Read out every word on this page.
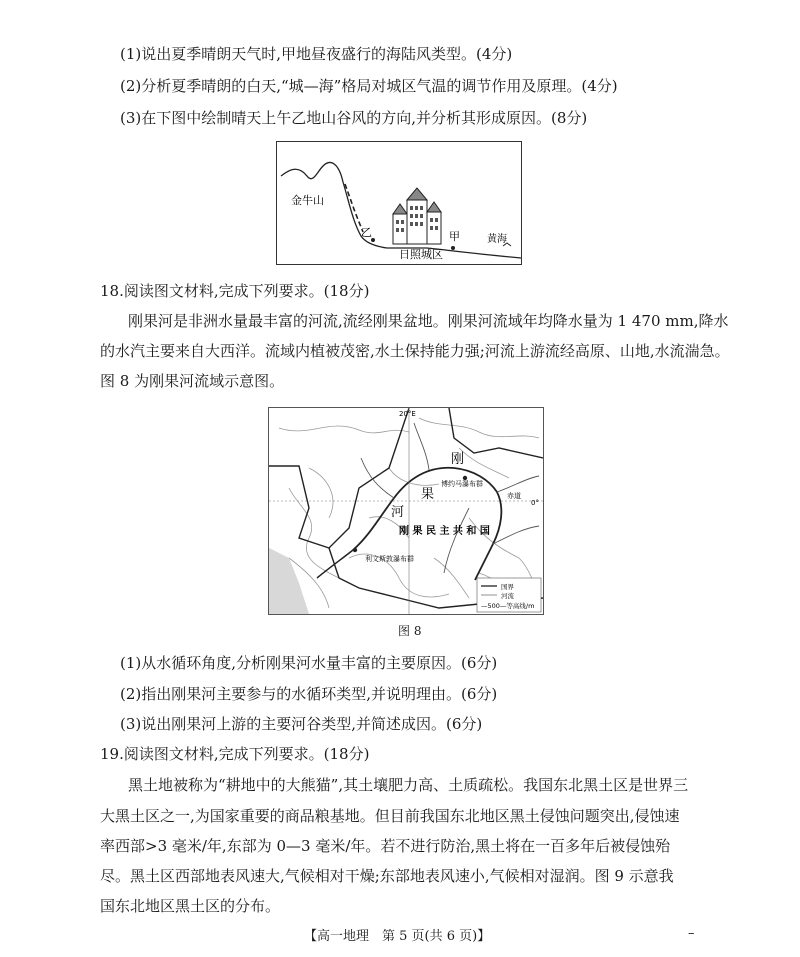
(1)说出夏季晴朗天气时,甲地昼夜盛行的海陆风类型。(4分)
(2)分析夏季晴朗的白天,“城—海”格局对城区气温的调节作用及原理。(4分)
(3)在下图中绘制晴天上午乙地山谷风的方向,并分析其形成原因。(8分)
金牛山
乙	甲
日照城区
黄海
18.阅读图文材料,完成下列要求。(18分)
刚果河是非洲水量最丰富的河流,流经刚果盆地。刚果河流域年均降水量为 1 470 mm,降水
的水汽主要来自大西洋。流域内植被茂密,水土保持能力强;河流上游流经高原、山地,水流湍急。
图 8 为刚果河流域示意图。
刚
果
河
刚 果 民 主 共 和 国
博约马瀑布群
利文斯敦瀑布群
赤道
0°
20°E
国界
河流
—500—等高线/m
图 8
(1)从水循环角度,分析刚果河水量丰富的主要原因。(6分)
(2)指出刚果河主要参与的水循环类型,并说明理由。(6分)
(3)说出刚果河上游的主要河谷类型,并简述成因。(6分)
19.阅读图文材料,完成下列要求。(18分)
黑土地被称为“耕地中的大熊猫”,其土壤肥力高、土质疏松。我国东北黑土区是世界三
大黑土区之一,为国家重要的商品粮基地。但目前我国东北地区黑土侵蚀问题突出,侵蚀速
率西部>3 毫米/年,东部为 0—3 毫米/年。若不进行防治,黑土将在一百多年后被侵蚀殆
尽。黑土区西部地表风速大,气候相对干燥;东部地表风速小,气候相对湿润。图 9 示意我
国东北地区黑土区的分布。
【高一地理　第 5 页(共 6 页)】	–
